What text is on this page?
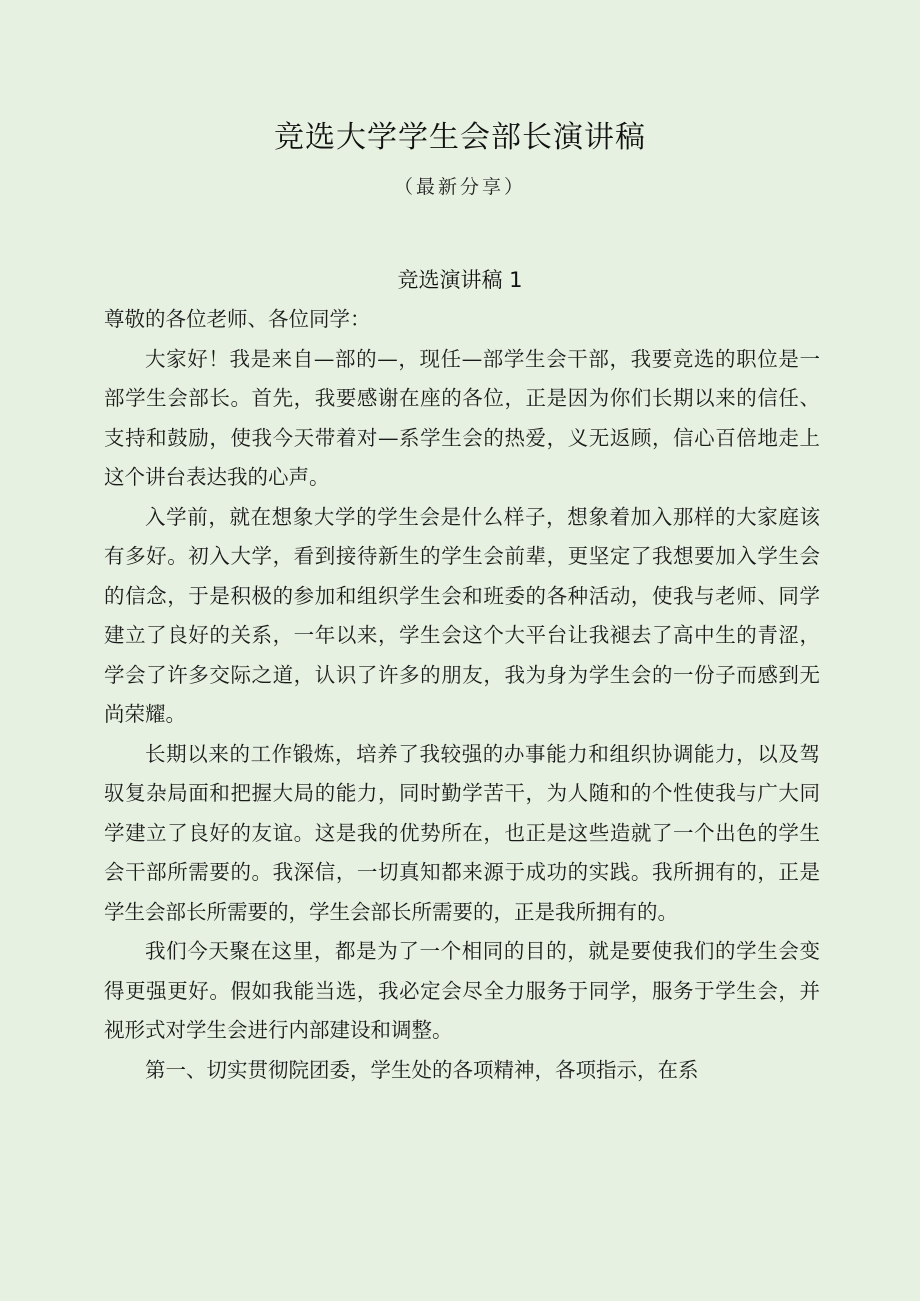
竞选大学学生会部长演讲稿
（最新分享）
竞选演讲稿 1

尊敬的各位老师、各位同学：

大家好！我是来自—部的—，现任—部学生会干部，我要竞选的职位是一部学生会部长。首先，我要感谢在座的各位，正是因为你们长期以来的信任、支持和鼓励，使我今天带着对—系学生会的热爱，义无返顾，信心百倍地走上这个讲台表达我的心声。

入学前，就在想象大学的学生会是什么样子，想象着加入那样的大家庭该有多好。初入大学，看到接待新生的学生会前辈，更坚定了我想要加入学生会的信念，于是积极的参加和组织学生会和班委的各种活动，使我与老师、同学建立了良好的关系，一年以来，学生会这个大平台让我褪去了高中生的青涩，学会了许多交际之道，认识了许多的朋友，我为身为学生会的一份子而感到无尚荣耀。

长期以来的工作锻炼，培养了我较强的办事能力和组织协调能力，以及驾驭复杂局面和把握大局的能力，同时勤学苦干，为人随和的个性使我与广大同学建立了良好的友谊。这是我的优势所在，也正是这些造就了一个出色的学生会干部所需要的。我深信，一切真知都来源于成功的实践。我所拥有的，正是学生会部长所需要的，学生会部长所需要的，正是我所拥有的。

我们今天聚在这里，都是为了一个相同的目的，就是要使我们的学生会变得更强更好。假如我能当选，我必定会尽全力服务于同学，服务于学生会，并视形式对学生会进行内部建设和调整。

第一、切实贯彻院团委，学生处的各项精神，各项指示，在系
